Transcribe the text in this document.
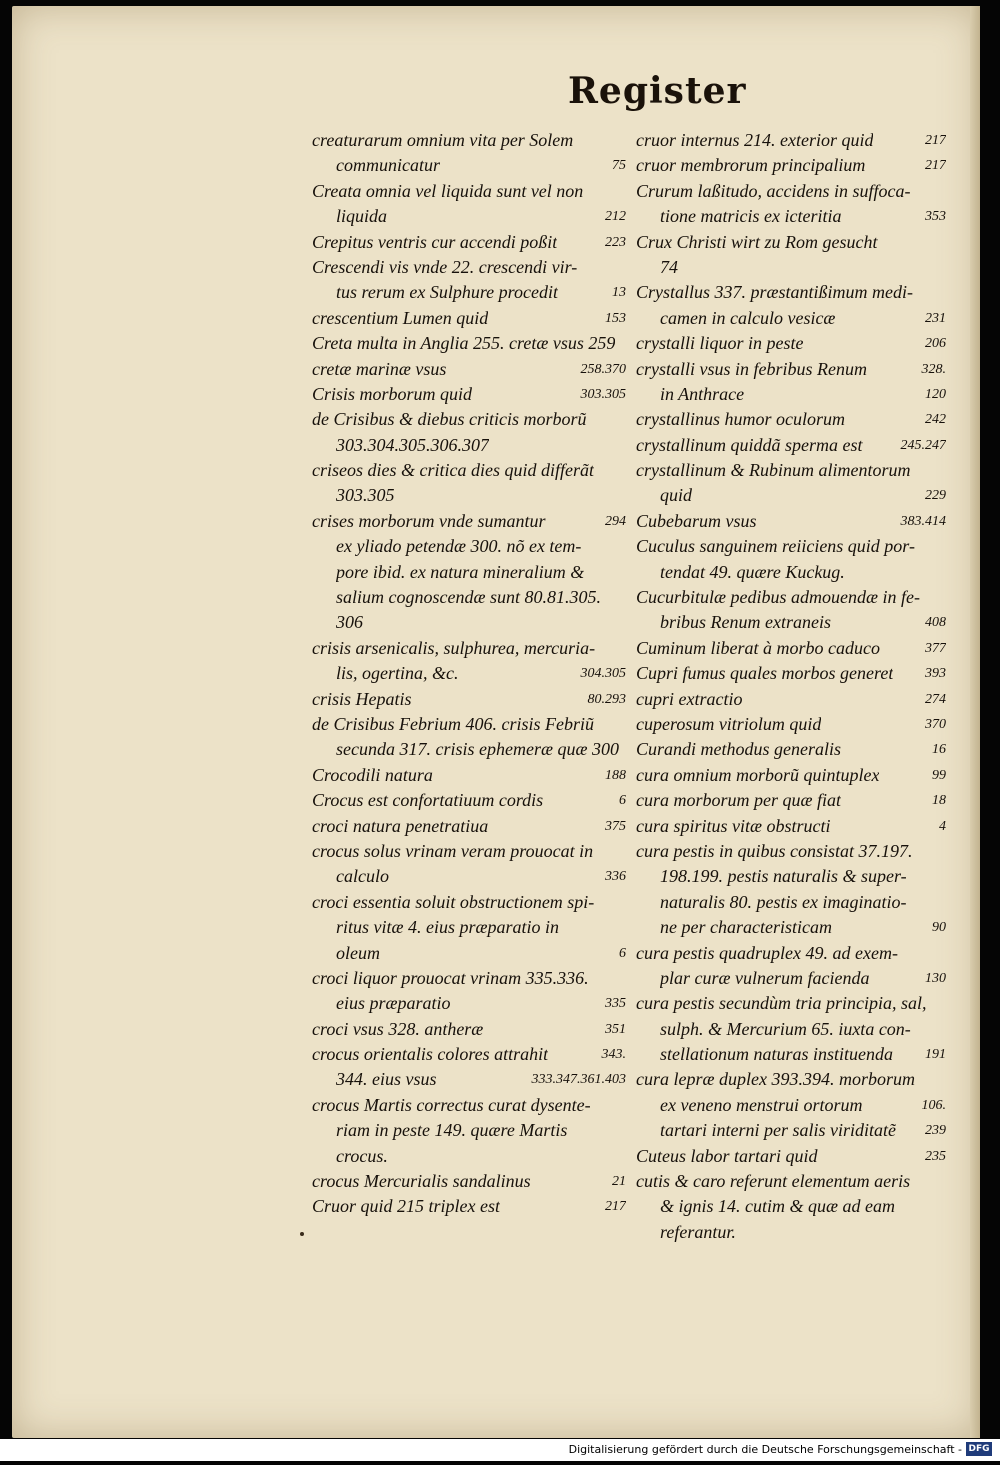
Register
creaturarum omnium vita per Solem
communicatur	75
Creata omnia vel liquida sunt vel non
liquida	212
Crepitus ventris cur accendi poßit	223
Crescendi vis vnde 22. crescendi vir-
tus rerum ex Sulphure procedit	13
crescentium Lumen quid	153
Creta multa in Anglia 255. cretæ vsus 259
cretæ marinæ vsus	258.370
Crisis morborum quid	303.305
de Crisibus & diebus criticis morborũ
303.304.305.306.307
criseos dies & critica dies quid differãt
303.305
crises morborum vnde sumantur	294
ex yliado petendæ 300. nõ ex tem-
pore ibid. ex natura mineralium &
salium cognoscendæ sunt 80.81.305.
306
crisis arsenicalis, sulphurea, mercuria-
lis, ogertina, &c.	304.305
crisis Hepatis	80.293
de Crisibus Febrium 406. crisis Febriũ
secunda 317. crisis ephemeræ quæ 300
Crocodili natura	188
Crocus est confortatiuum cordis	6
croci natura penetratiua	375
crocus solus vrinam veram prouocat in
calculo	336
croci essentia soluit obstructionem spi-
ritus vitæ 4. eius præparatio in
oleum	6
croci liquor prouocat vrinam 335.336.
eius præparatio	335
croci vsus 328. antheræ	351
crocus orientalis colores attrahit	343.
344. eius vsus	333.347.361.403
crocus Martis correctus curat dysente-
riam in peste 149. quære Martis
crocus.
crocus Mercurialis sandalinus	21
Cruor quid 215 triplex est	217
cruor internus 214. exterior quid	217
cruor membrorum principalium	217
Crurum laßitudo, accidens in suffoca-
tione matricis ex icteritia	353
Crux Christi wirt zu Rom gesucht
74
Crystallus 337. præstantißimum medi-
camen in calculo vesicæ	231
crystalli liquor in peste	206
crystalli vsus in febribus Renum	328.
in Anthrace	120
crystallinus humor oculorum	242
crystallinum quiddã sperma est	245.247
crystallinum & Rubinum alimentorum
quid	229
Cubebarum vsus	383.414
Cuculus sanguinem reiiciens quid por-
tendat 49. quære Kuckug.
Cucurbitulæ pedibus admouendæ in fe-
bribus Renum extraneis	408
Cuminum liberat à morbo caduco	377
Cupri fumus quales morbos generet	393
cupri extractio	274
cuperosum vitriolum quid	370
Curandi methodus generalis	16
cura omnium morborũ quintuplex	99
cura morborum per quæ fiat	18
cura spiritus vitæ obstructi	4
cura pestis in quibus consistat 37.197.
198.199. pestis naturalis & super-
naturalis 80. pestis ex imaginatio-
ne per characteristicam	90
cura pestis quadruplex 49. ad exem-
plar curæ vulnerum facienda	130
cura pestis secundùm tria principia, sal,
sulph. & Mercurium 65. iuxta con-
stellationum naturas instituenda	191
cura lepræ duplex 393.394. morborum
ex veneno menstrui ortorum	106.
tartari interni per salis viriditatẽ	239
Cuteus labor tartari quid	235
cutis & caro referunt elementum aeris
& ignis 14. cutim & quæ ad eam
referantur.
Digitalisierung gefördert durch die Deutsche Forschungsgemeinschaft - DFG
